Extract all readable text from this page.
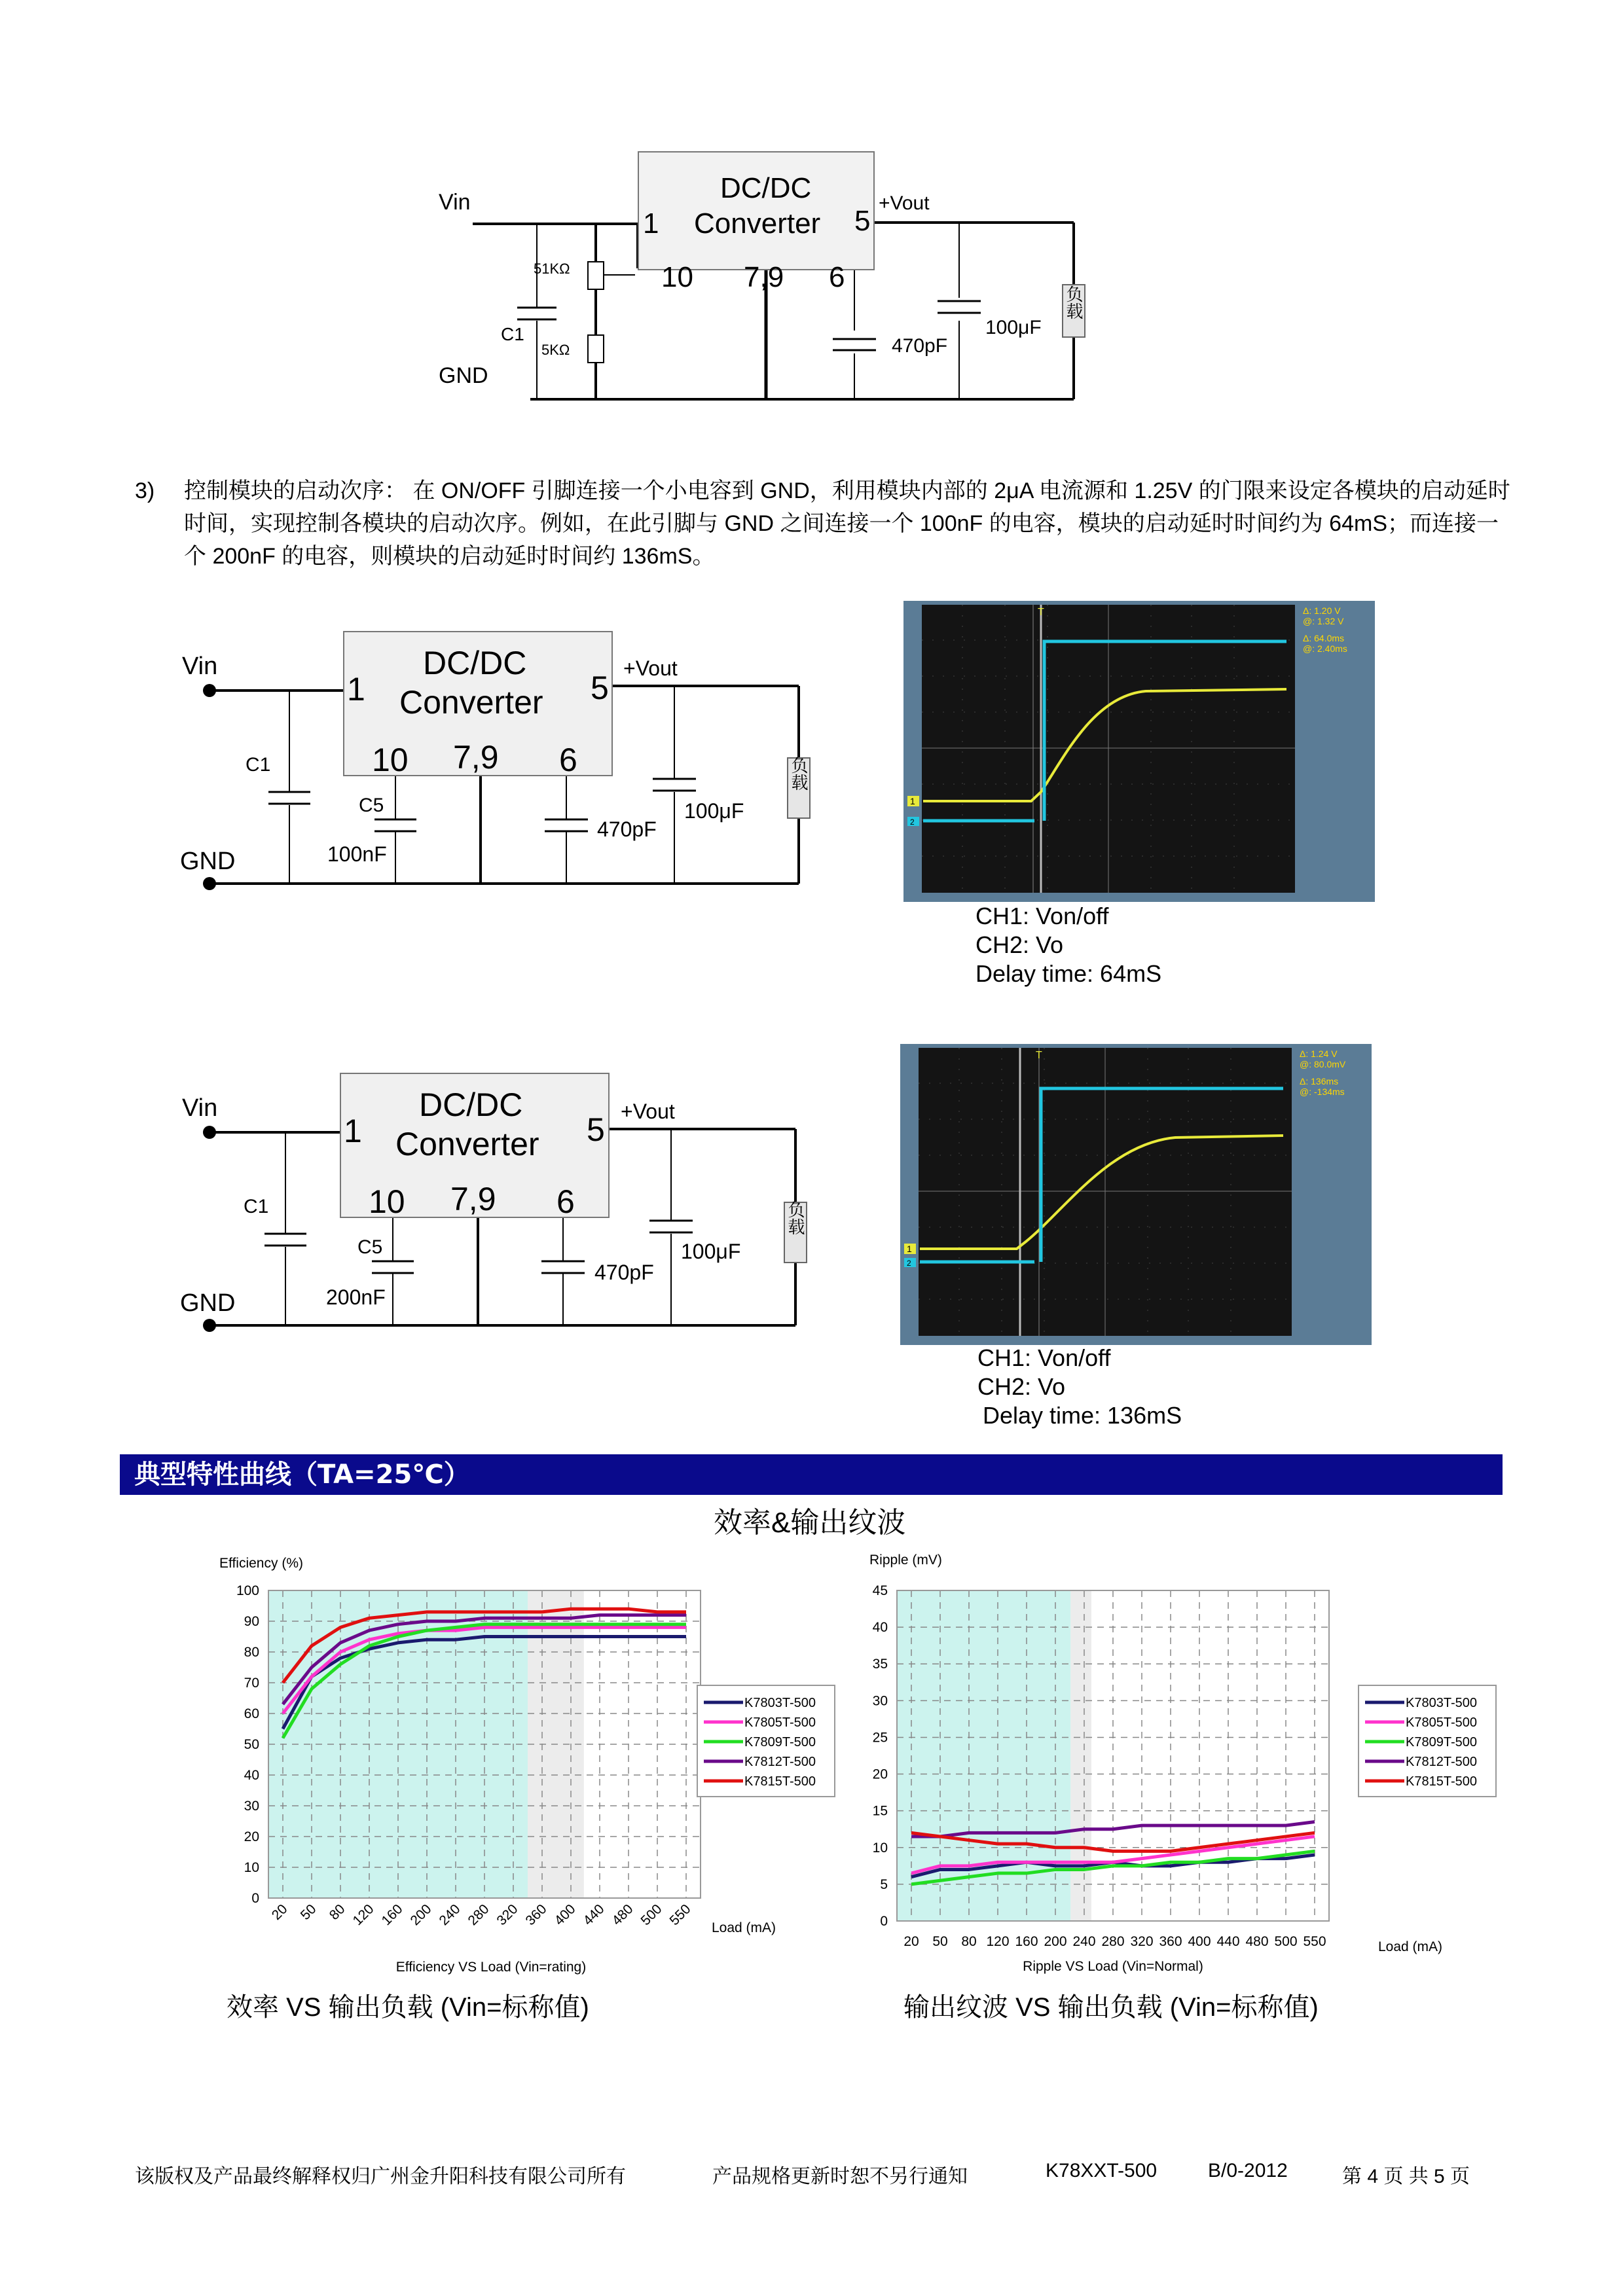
Vin
GND
DC/DC
Converter
1	5
10 7,9 6
+Vout
51KΩ
5KΩ
C1
470pF
100μF
负载
3) 控制模块的启动次序： 在 ON/OFF 引脚连接一个小电容到 GND，利用模块内部的 2μA 电流源和 1.25V 的门限来设定各模块的启动延时时间，实现控制各模块的启动次序。例如，在此引脚与 GND 之间连接一个 100nF 的电容，模块的启动延时时间约为 64mS；而连接一个 200nF 的电容，则模块的启动延时时间约 136mS。
Vin
GND
DC/DC
Converter
1	5
10 7,9 6
+Vout
C1
C5
100nF
470pF
100μF
负载
1
2
T	Δ: 1.20 V
@: 1.32 V
Δ: 64.0ms
@: 2.40ms
CH1: Von/off
CH2: Vo
Delay time: 64mS
Vin
GND
DC/DC
Converter
1	5
10 7,9 6
+Vout
C1
C5
200nF
470pF
100μF
负载
1
2
T	Δ: 1.24 V
@: 80.0mV
Δ: 136ms
@: -134ms
CH1: Von/off
CH2: Vo
Delay time: 136mS
典型特性曲线（TA=25℃）
效率&输出纹波
0
10
20
30
40
50
60
70
80
90
100
20 50 80 120 160 200 240 280 320 360 400 440 480 500 550
K7803T-500
K7805T-500
K7809T-500
K7812T-500
K7815T-500
Efficiency (%)
Load (mA)
Efficiency VS Load (Vin=rating)
0
5
10
15
20
25
30
35
40
45
20 50 80 120 160 200 240 280 320 360 400 440 480 500 550
K7803T-500
K7805T-500
K7809T-500
K7812T-500
K7815T-500
Ripple (mV)
Load (mA)
Ripple VS Load (Vin=Normal)
效率 VS 输出负载 (Vin=标称值)	输出纹波 VS 输出负载 (Vin=标称值)
该版权及产品最终解释权归广州金升阳科技有限公司所有	产品规格更新时恕不另行通知	K78XXT-500	B/0-2012	第 4 页 共 5 页
